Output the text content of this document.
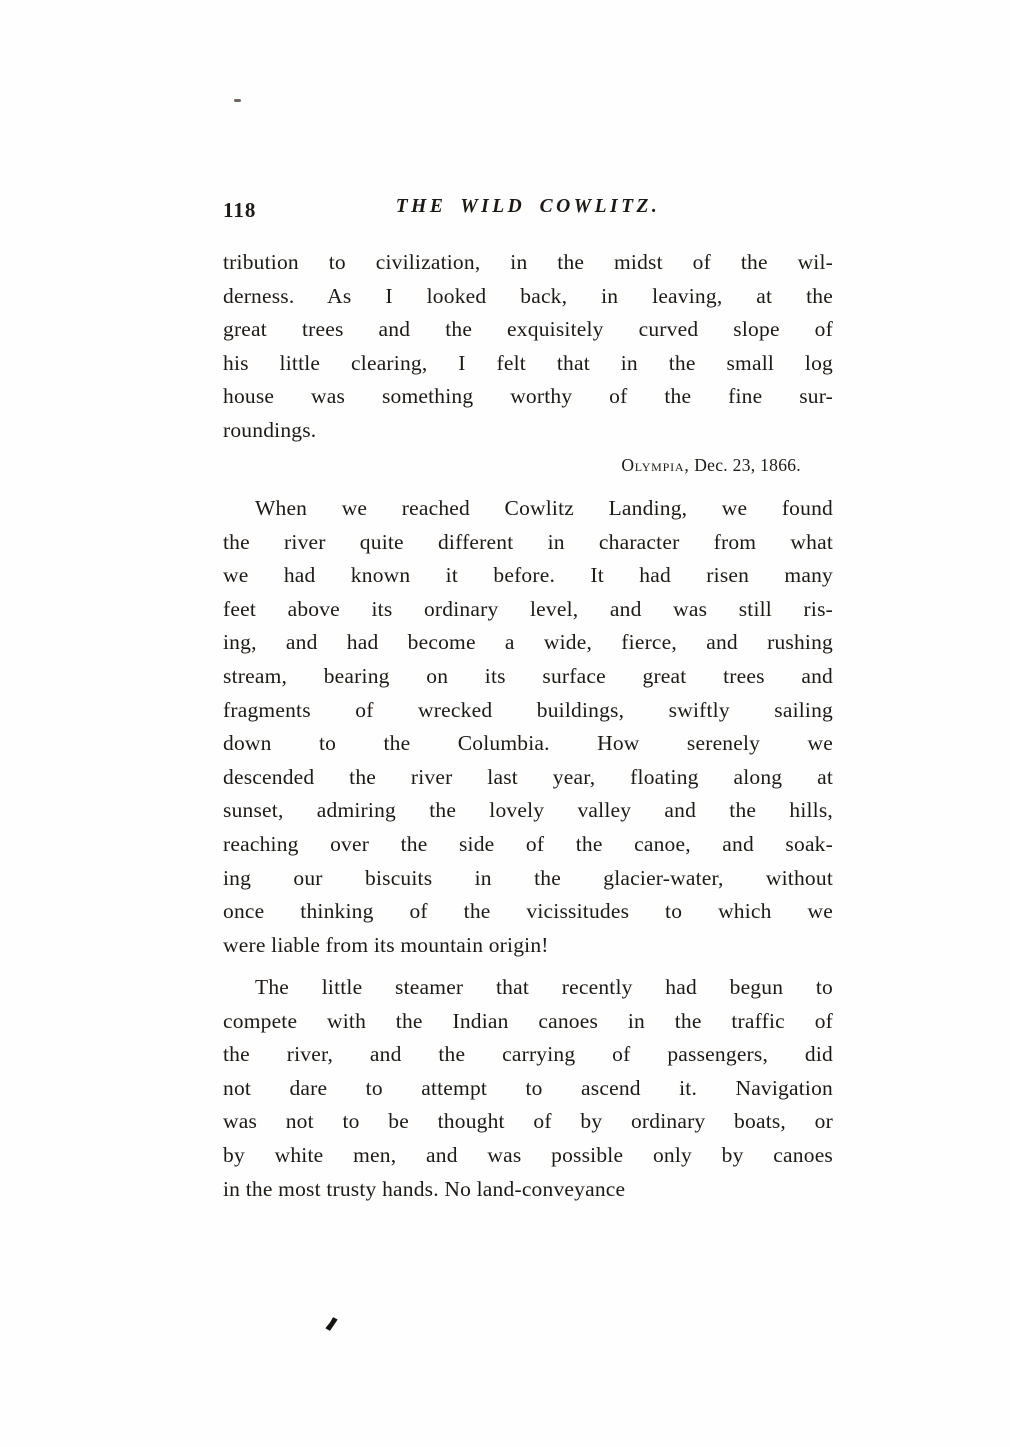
118	THE WILD COWLITZ.
tribution to civilization, in the midst of the wil-
derness. As I looked back, in leaving, at the
great trees and the exquisitely curved slope of
his little clearing, I felt that in the small log
house was something worthy of the fine sur-
roundings.
Olympia, Dec. 23, 1866.
When we reached Cowlitz Landing, we found
the river quite different in character from what
we had known it before. It had risen many
feet above its ordinary level, and was still ris-
ing, and had become a wide, fierce, and rushing
stream, bearing on its surface great trees and
fragments of wrecked buildings, swiftly sailing
down to the Columbia. How serenely we
descended the river last year, floating along at
sunset, admiring the lovely valley and the hills,
reaching over the side of the canoe, and soak-
ing our biscuits in the glacier-water, without
once thinking of the vicissitudes to which we
were liable from its mountain origin!
The little steamer that recently had begun to
compete with the Indian canoes in the traffic of
the river, and the carrying of passengers, did
not dare to attempt to ascend it. Navigation
was not to be thought of by ordinary boats, or
by white men, and was possible only by canoes
in the most trusty hands. No land-conveyance
